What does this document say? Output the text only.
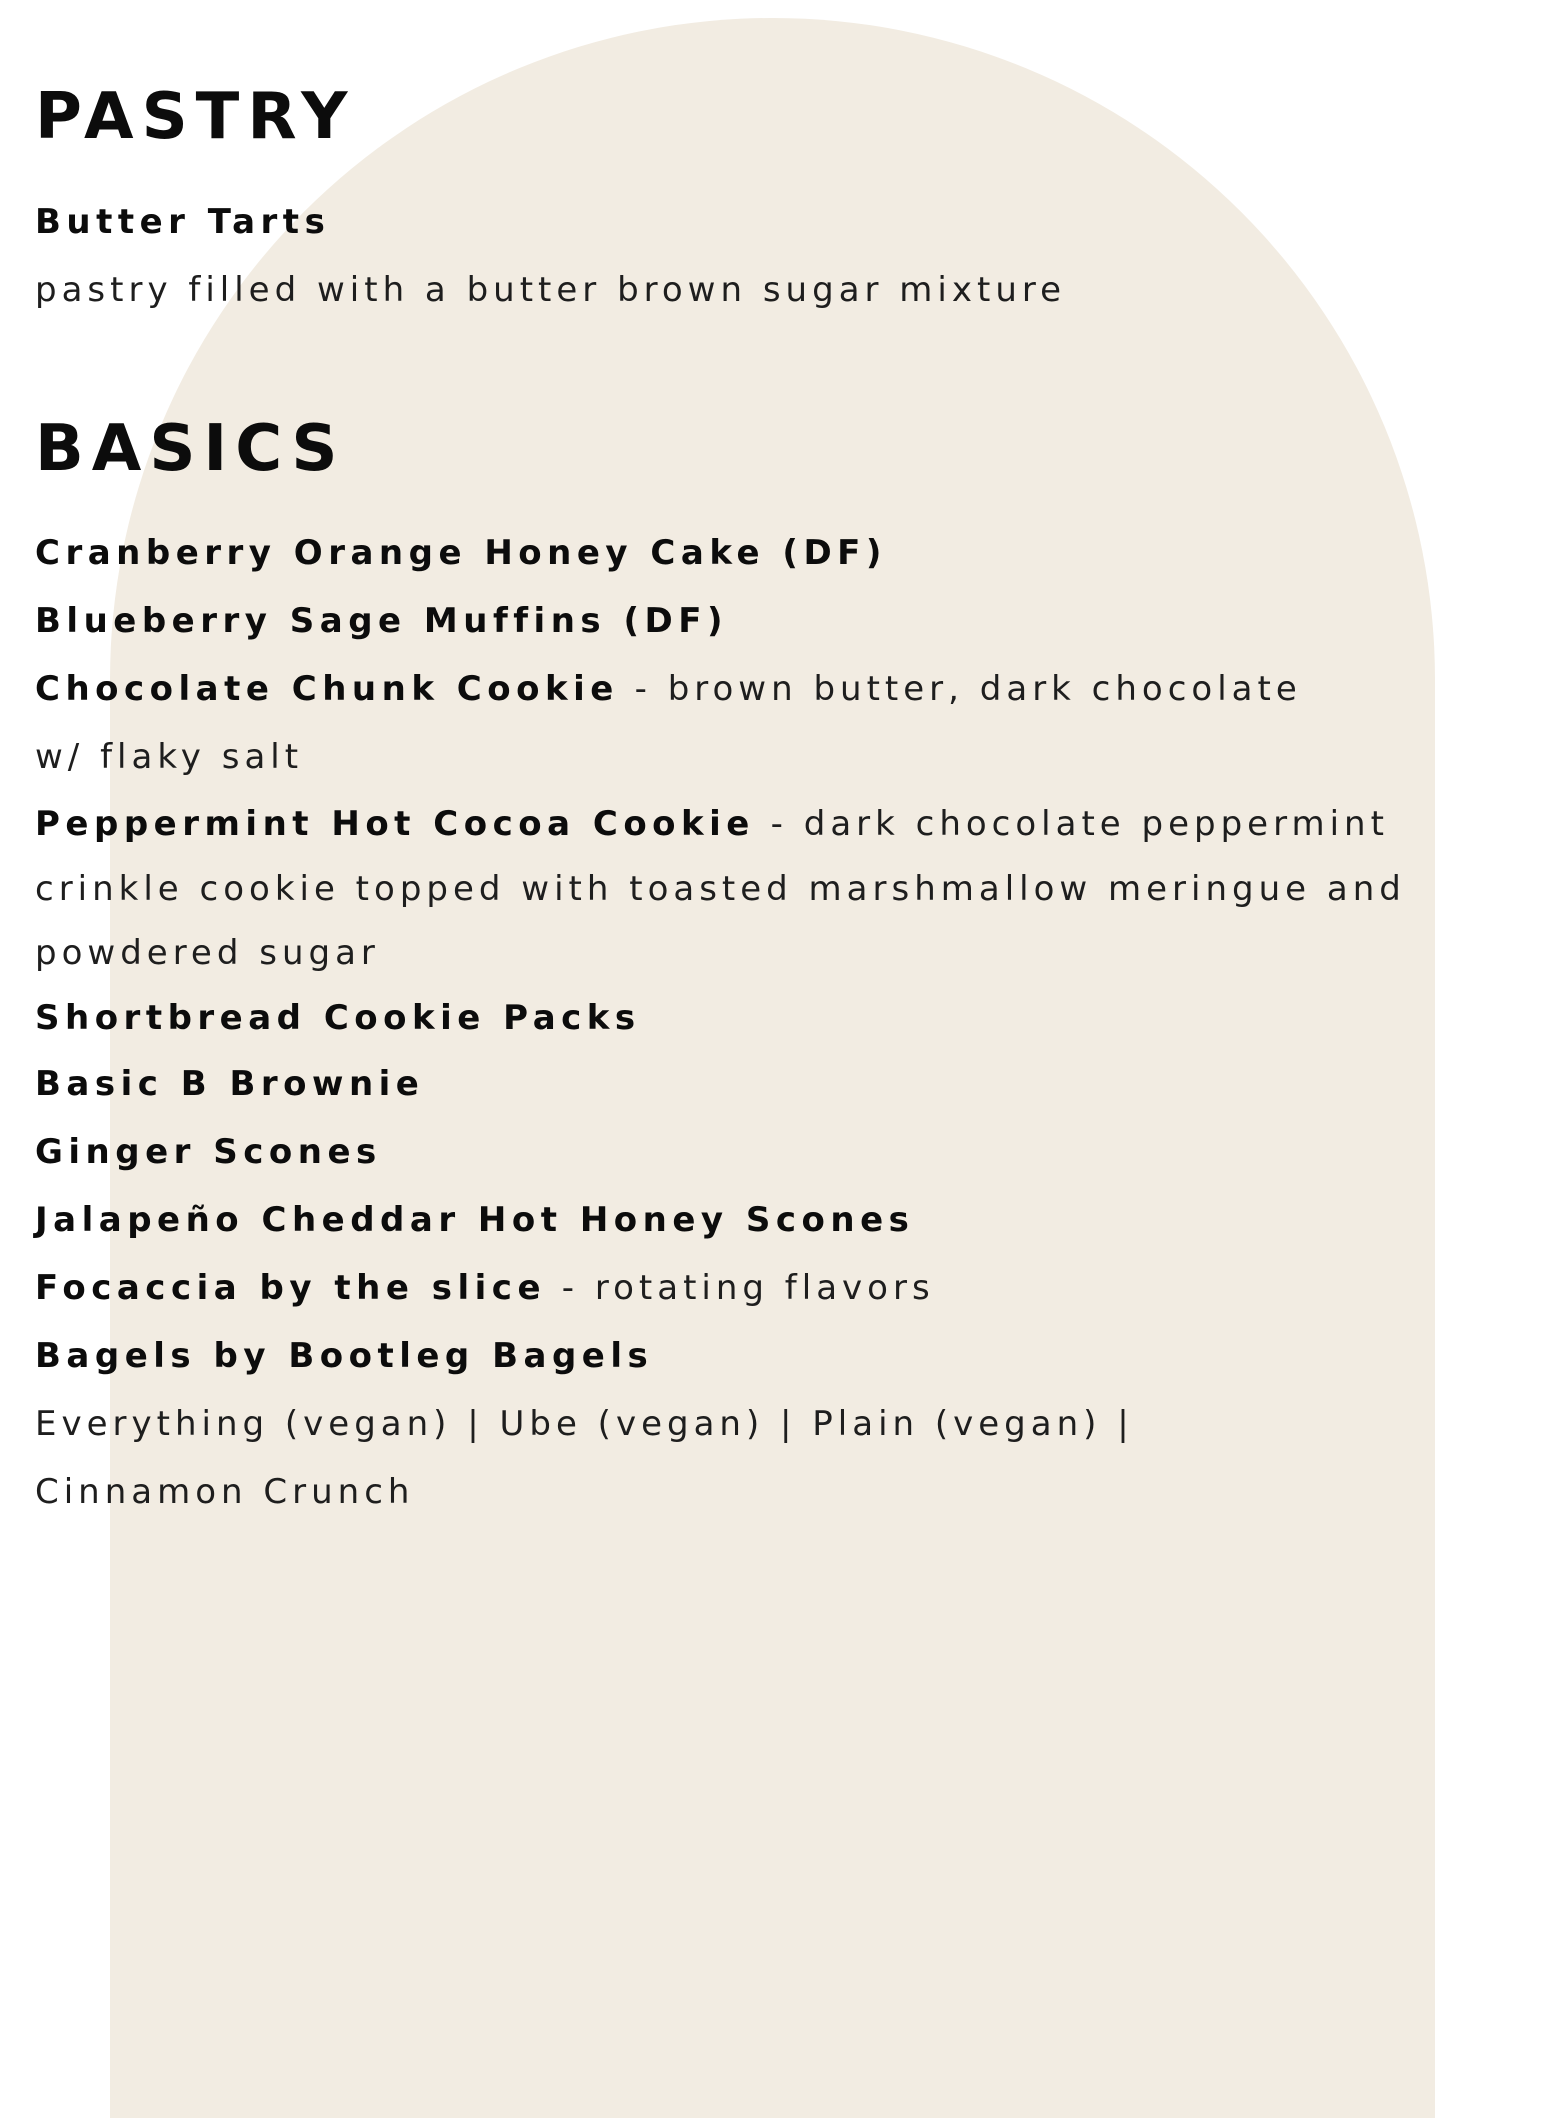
PASTRY
Butter Tarts
pastry filled with a butter brown sugar mixture
BASICS
Cranberry Orange Honey Cake (DF)
Blueberry Sage Muffins (DF)
Chocolate Chunk Cookie - brown butter, dark chocolate
w/ flaky salt
Peppermint Hot Cocoa Cookie - dark chocolate peppermint
crinkle cookie topped with toasted marshmallow meringue and
powdered sugar
Shortbread Cookie Packs
Basic B Brownie
Ginger Scones
Jalapeño Cheddar Hot Honey Scones
Focaccia by the slice - rotating flavors
Bagels by Bootleg Bagels
Everything (vegan) | Ube (vegan) | Plain (vegan) |
Cinnamon Crunch
